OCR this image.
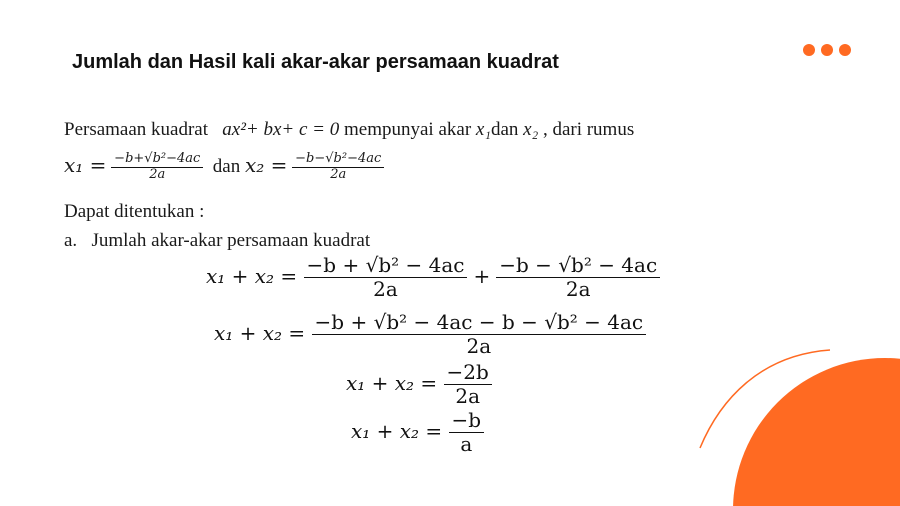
Jumlah dan Hasil kali akar-akar persamaan kuadrat
Persamaan kuadrat ax²+ bx+ c = 0 mempunyai akar x₁dan x₂ , dari rumus
$x_1 = \frac{\text{−b+√b²−4ac}}{2a}$ dan $x_2 = \frac{\text{−b−√b²−4ac}}{2a}$
Dapat ditentukan :
a. Jumlah akar-akar persamaan kuadrat
$x_1 + x_2 = \frac{\text{−b + √b² − 4ac}}{2a} + \frac{\text{−b − √b² − 4ac}}{2a}$
$x_1 + x_2 = \frac{\text{−b + √b² − 4ac − b − √b² − 4ac}}{2a}$
$x_1 + x_2 = \frac{-2b}{2a}$
$x_1 + x_2 = \frac{-b}{a}$
